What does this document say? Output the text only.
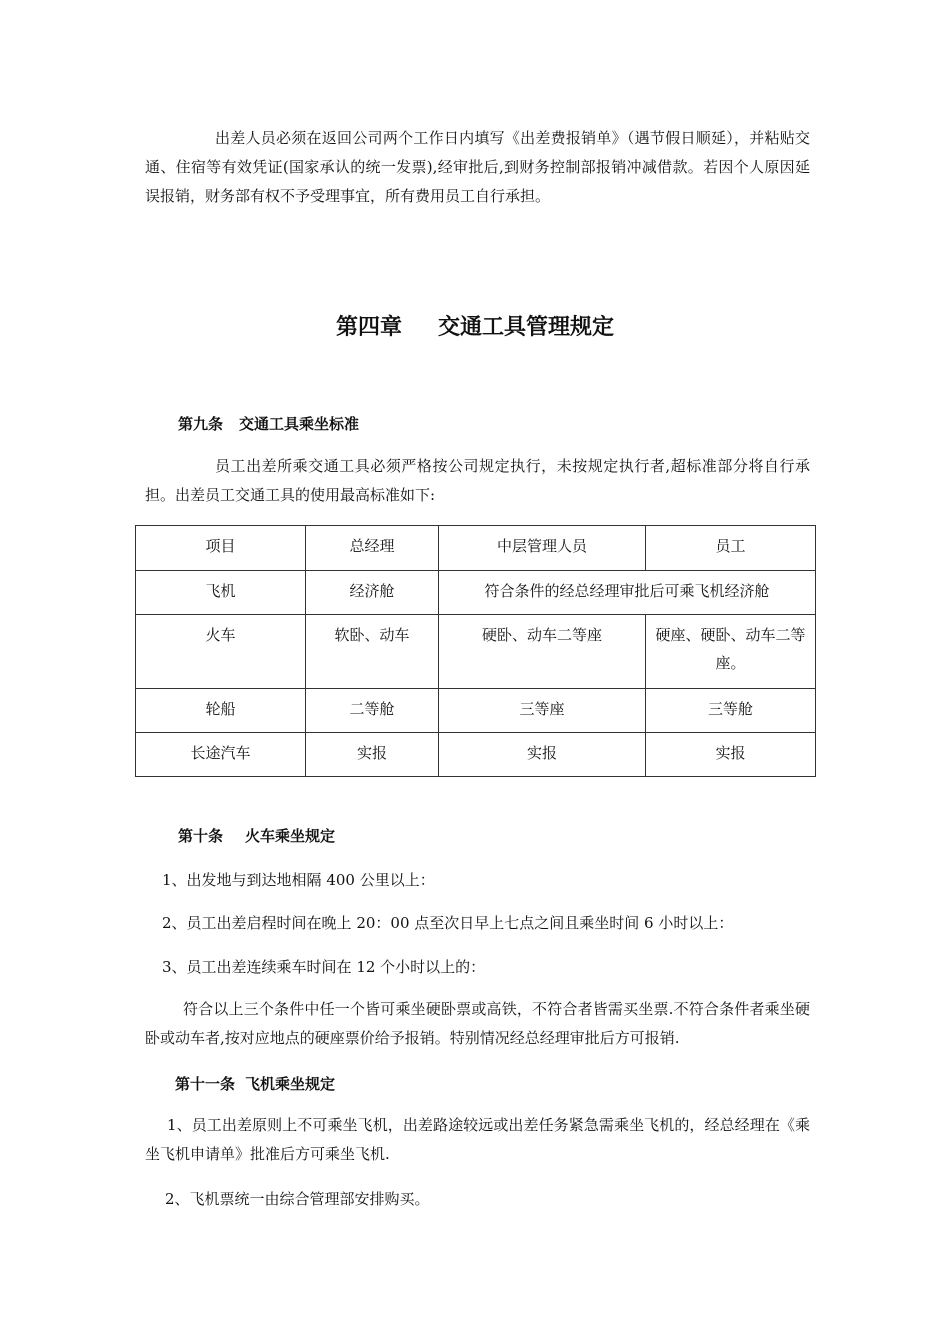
出差人员必须在返回公司两个工作日内填写《出差费报销单》（遇节假日顺延），并粘贴交通、住宿等有效凭证(国家承认的统一发票),经审批后,到财务控制部报销冲减借款。若因个人原因延误报销，财务部有权不予受理事宜，所有费用员工自行承担。

第四章 交通工具管理规定
第九条 交通工具乘坐标准

员工出差所乘交通工具必须严格按公司规定执行，未按规定执行者,超标准部分将自行承担。出差员工交通工具的使用最高标准如下:

项目	总经理	中层管理人员	员工
飞机	经济舱	符合条件的经总经理审批后可乘飞机经济舱	
火车	软卧、动车	硬卧、动车二等座	硬座、硬卧、动车二等座。
轮船	二等舱	三等座	三等舱
长途汽车	实报	实报	实报
第十条 火车乘坐规定
1、出发地与到达地相隔 400 公里以上：
2、员工出差启程时间在晚上 20：00 点至次日早上七点之间且乘坐时间 6 小时以上：
3、员工出差连续乘车时间在 12 个小时以上的：

符合以上三个条件中任一个皆可乘坐硬卧票或高铁，不符合者皆需买坐票.不符合条件者乘坐硬卧或动车者,按对应地点的硬座票价给予报销。特别情况经总经理审批后方可报销.

第十一条 飞机乘坐规定

1、员工出差原则上不可乘坐飞机，出差路途较远或出差任务紧急需乘坐飞机的，经总经理在《乘坐飞机申请单》批准后方可乘坐飞机.

2、飞机票统一由综合管理部安排购买。
